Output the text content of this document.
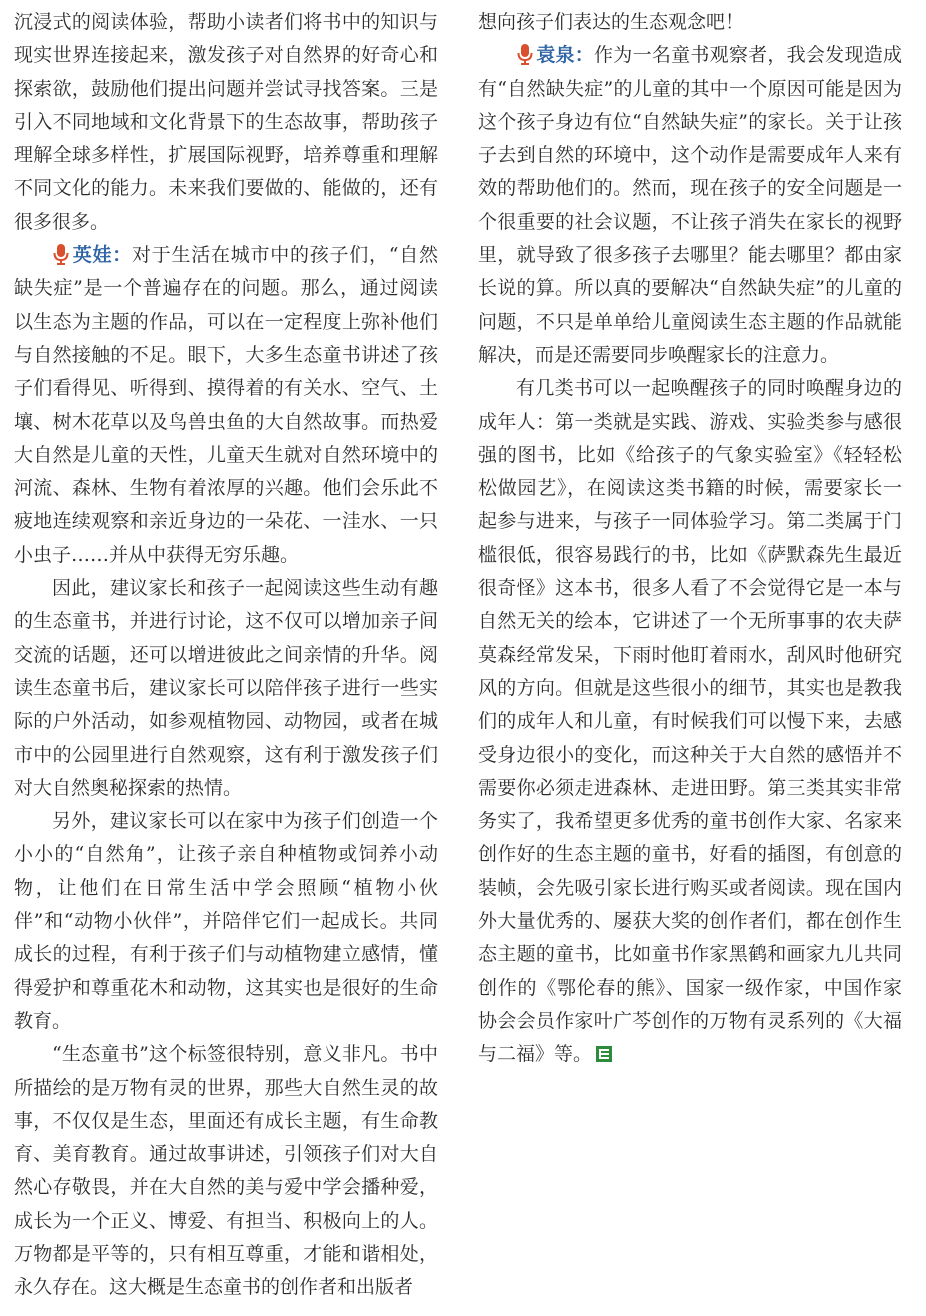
沉浸式的阅读体验，帮助小读者们将书中的知识与现实世界连接起来，激发孩子对自然界的好奇心和探索欲，鼓励他们提出问题并尝试寻找答案。三是引入不同地域和文化背景下的生态故事，帮助孩子理解全球多样性，扩展国际视野，培养尊重和理解不同文化的能力。未来我们要做的、能做的，还有很多很多。

英娃：对于生活在城市中的孩子们，“自然缺失症”是一个普遍存在的问题。那么，通过阅读以生态为主题的作品，可以在一定程度上弥补他们与自然接触的不足。眼下，大多生态童书讲述了孩子们看得见、听得到、摸得着的有关水、空气、土壤、树木花草以及鸟兽虫鱼的大自然故事。而热爱大自然是儿童的天性，儿童天生就对自然环境中的河流、森林、生物有着浓厚的兴趣。他们会乐此不疲地连续观察和亲近身边的一朵花、一洼水、一只小虫子……并从中获得无穷乐趣。

因此，建议家长和孩子一起阅读这些生动有趣的生态童书，并进行讨论，这不仅可以增加亲子间交流的话题，还可以增进彼此之间亲情的升华。阅读生态童书后，建议家长可以陪伴孩子进行一些实际的户外活动，如参观植物园、动物园，或者在城市中的公园里进行自然观察，这有利于激发孩子们对大自然奥秘探索的热情。

另外，建议家长可以在家中为孩子们创造一个小小的“自然角”，让孩子亲自种植物或饲养小动物，让他们在日常生活中学会照顾“植物小伙伴”和“动物小伙伴”，并陪伴它们一起成长。共同成长的过程，有利于孩子们与动植物建立感情，懂得爱护和尊重花木和动物，这其实也是很好的生命教育。

“生态童书”这个标签很特别，意义非凡。书中所描绘的是万物有灵的世界，那些大自然生灵的故事，不仅仅是生态，里面还有成长主题，有生命教育、美育教育。通过故事讲述，引领孩子们对大自然心存敬畏，并在大自然的美与爱中学会播种爱，成长为一个正义、博爱、有担当、积极向上的人。万物都是平等的，只有相互尊重，才能和谐相处，永久存在。这大概是生态童书的创作者和出版者

想向孩子们表达的生态观念吧！

袁泉：作为一名童书观察者，我会发现造成有“自然缺失症”的儿童的其中一个原因可能是因为这个孩子身边有位“自然缺失症”的家长。关于让孩子去到自然的环境中，这个动作是需要成年人来有效的帮助他们的。然而，现在孩子的安全问题是一个很重要的社会议题，不让孩子消失在家长的视野里，就导致了很多孩子去哪里？能去哪里？都由家长说的算。所以真的要解决“自然缺失症”的儿童的问题，不只是单单给儿童阅读生态主题的作品就能解决，而是还需要同步唤醒家长的注意力。

有几类书可以一起唤醒孩子的同时唤醒身边的成年人：第一类就是实践、游戏、实验类参与感很强的图书，比如《给孩子的气象实验室》《轻轻松松做园艺》，在阅读这类书籍的时候，需要家长一起参与进来，与孩子一同体验学习。第二类属于门槛很低，很容易践行的书，比如《萨默森先生最近很奇怪》这本书，很多人看了不会觉得它是一本与自然无关的绘本，它讲述了一个无所事事的农夫萨莫森经常发呆，下雨时他盯着雨水，刮风时他研究风的方向。但就是这些很小的细节，其实也是教我们的成年人和儿童，有时候我们可以慢下来，去感受身边很小的变化，而这种关于大自然的感悟并不需要你必须走进森林、走进田野。第三类其实非常务实了，我希望更多优秀的童书创作大家、名家来创作好的生态主题的童书，好看的插图，有创意的装帧，会先吸引家长进行购买或者阅读。现在国内外大量优秀的、屡获大奖的创作者们，都在创作生态主题的童书，比如童书作家黑鹤和画家九儿共同创作的《鄂伦春的熊》、国家一级作家，中国作家协会会员作家叶广芩创作的万物有灵系列的《大福与二福》等。
